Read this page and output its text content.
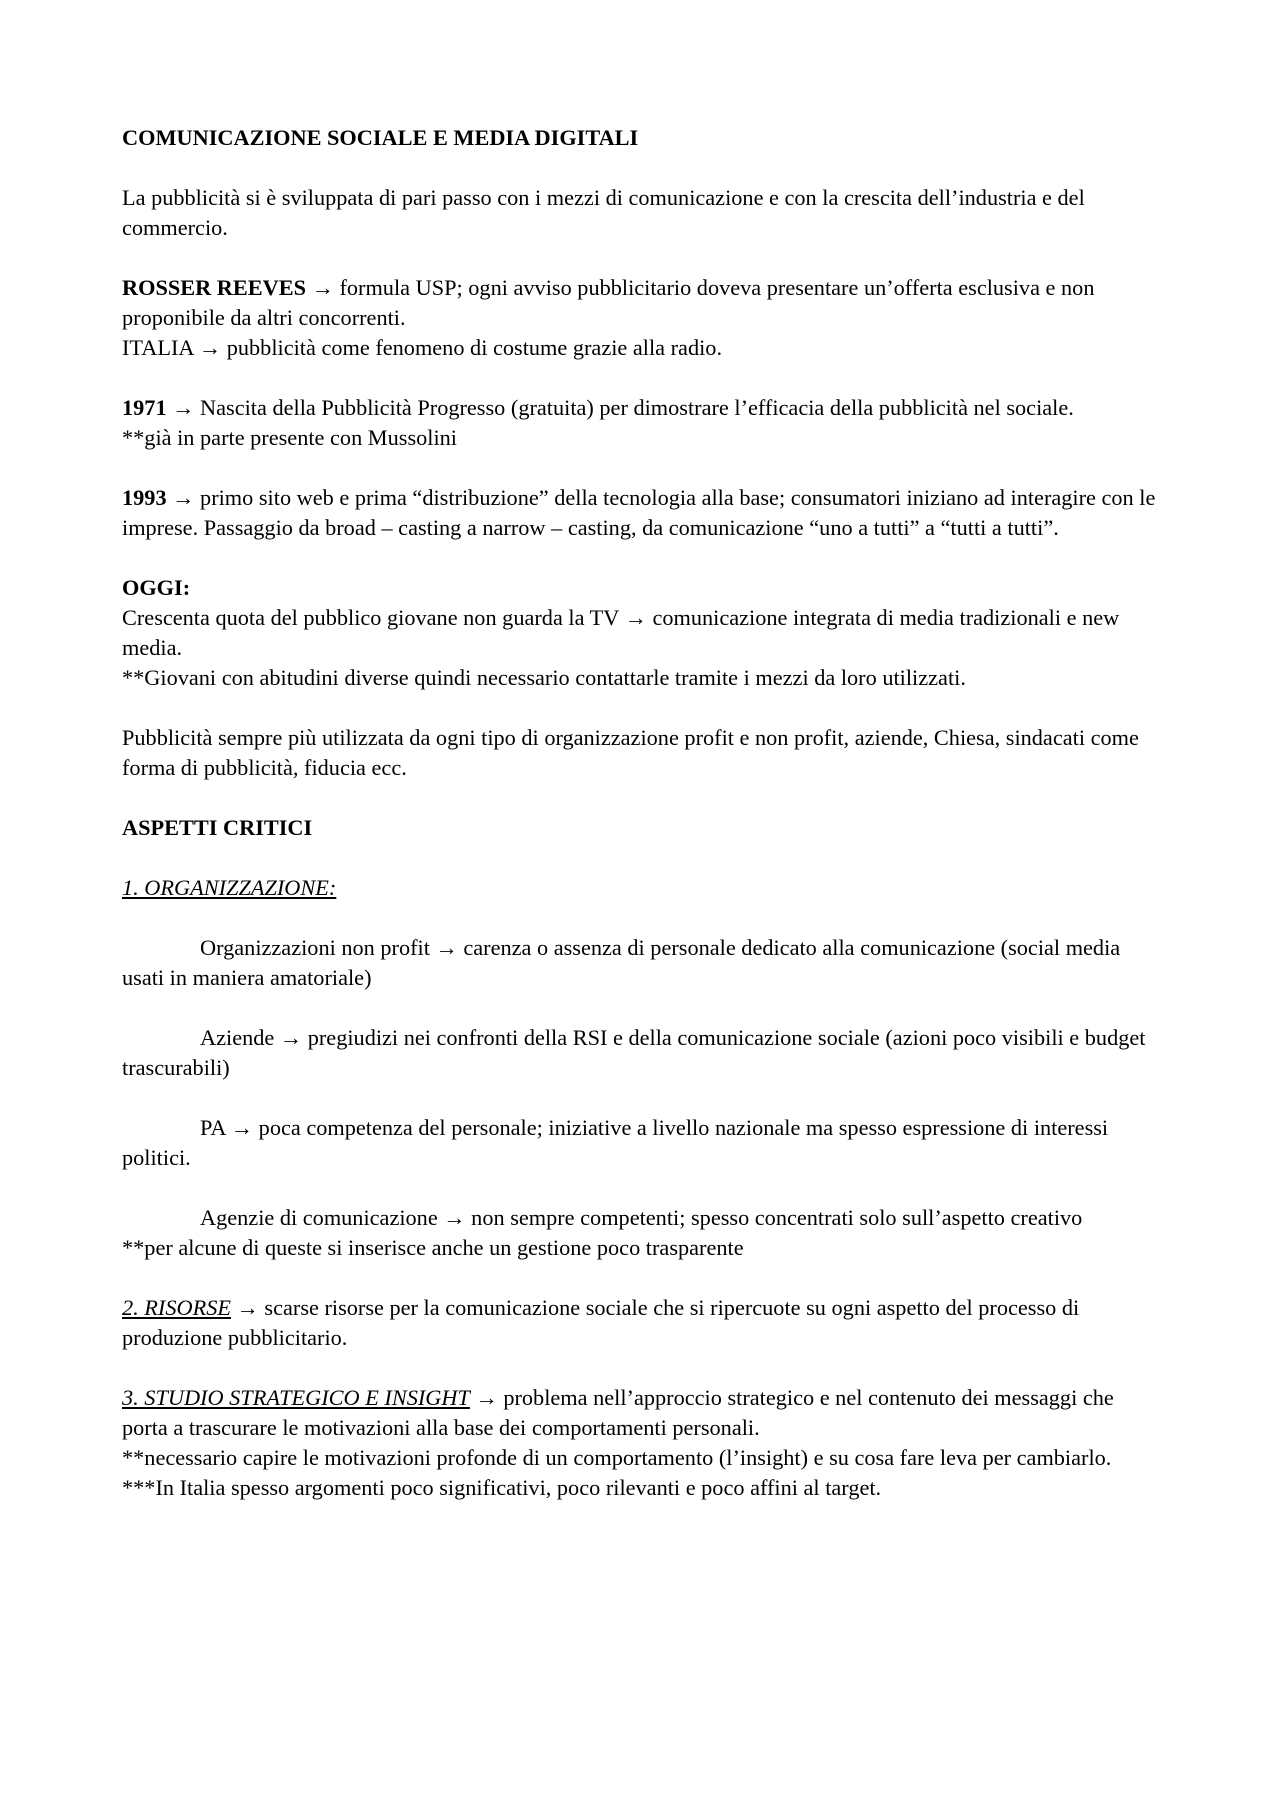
COMUNICAZIONE SOCIALE E MEDIA DIGITALI

La pubblicità si è sviluppata di pari passo con i mezzi di comunicazione e con la crescita dell’industria e del commercio.

ROSSER REEVES → formula USP; ogni avviso pubblicitario doveva presentare un’offerta esclusiva e non proponibile da altri concorrenti.

ITALIA → pubblicità come fenomeno di costume grazie alla radio.

1971 → Nascita della Pubblicità Progresso (gratuita) per dimostrare l’efficacia della pubblicità nel sociale.

**già in parte presente con Mussolini

1993 → primo sito web e prima “distribuzione” della tecnologia alla base; consumatori iniziano ad interagire con le imprese. Passaggio da broad – casting a narrow – casting, da comunicazione “uno a tutti” a “tutti a tutti”.

OGGI:

Crescenta quota del pubblico giovane non guarda la TV → comunicazione integrata di media tradizionali e new media.

**Giovani con abitudini diverse quindi necessario contattarle tramite i mezzi da loro utilizzati.

Pubblicità sempre più utilizzata da ogni tipo di organizzazione profit e non profit, aziende, Chiesa, sindacati come forma di pubblicità, fiducia ecc.

ASPETTI CRITICI

1. ORGANIZZAZIONE:

Organizzazioni non profit → carenza o assenza di personale dedicato alla comunicazione (social media usati in maniera amatoriale)

Aziende → pregiudizi nei confronti della RSI e della comunicazione sociale (azioni poco visibili e budget trascurabili)

PA → poca competenza del personale; iniziative a livello nazionale ma spesso espressione di interessi politici.

Agenzie di comunicazione → non sempre competenti; spesso concentrati solo sull’aspetto creativo

**per alcune di queste si inserisce anche un gestione poco trasparente

2. RISORSE → scarse risorse per la comunicazione sociale che si ripercuote su ogni aspetto del processo di produzione pubblicitario.

3. STUDIO STRATEGICO E INSIGHT → problema nell’approccio strategico e nel contenuto dei messaggi che porta a trascurare le motivazioni alla base dei comportamenti personali.

**necessario capire le motivazioni profonde di un comportamento (l’insight) e su cosa fare leva per cambiarlo.

***In Italia spesso argomenti poco significativi, poco rilevanti e poco affini al target.
